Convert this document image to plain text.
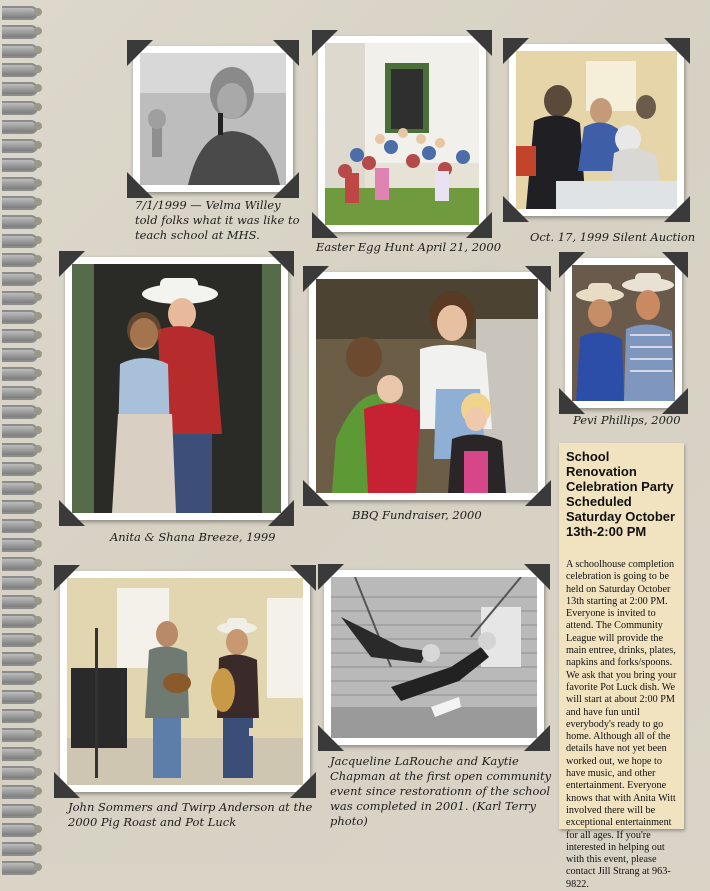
7/1/1999 — Velma Willey told folks what it was like to teach school at MHS.
Easter Egg Hunt April 21, 2000
Oct. 17, 1999 Silent Auction
Anita & Shana Breeze, 1999
BBQ Fundraiser, 2000
Pevi Phillips, 2000
John Sommers and Twirp Anderson at the 2000 Pig Roast and Pot Luck
Jacqueline LaRouche and Kaytie Chapman at the first open community event since restorationn of the school was completed in 2001. (Karl Terry photo)
School Renovation Celebration Party Scheduled Saturday October 13th-2:00 PM
A schoolhouse completion celebration is going to be held on Saturday October 13th starting at 2:00 PM. Everyone is invited to attend. The Community League will provide the main entree, drinks, plates, napkins and forks/spoons. We ask that you bring your favorite Pot Luck dish. We will start at about 2:00 PM and have fun until everybody's ready to go home. Although all of the details have not yet been worked out, we hope to have music, and other entertainment. Everyone knows that with Anita Witt involved there will be exceptional entertainment for all ages. If you're interested in helping out with this event, please contact Jill Strang at 963-9822.
